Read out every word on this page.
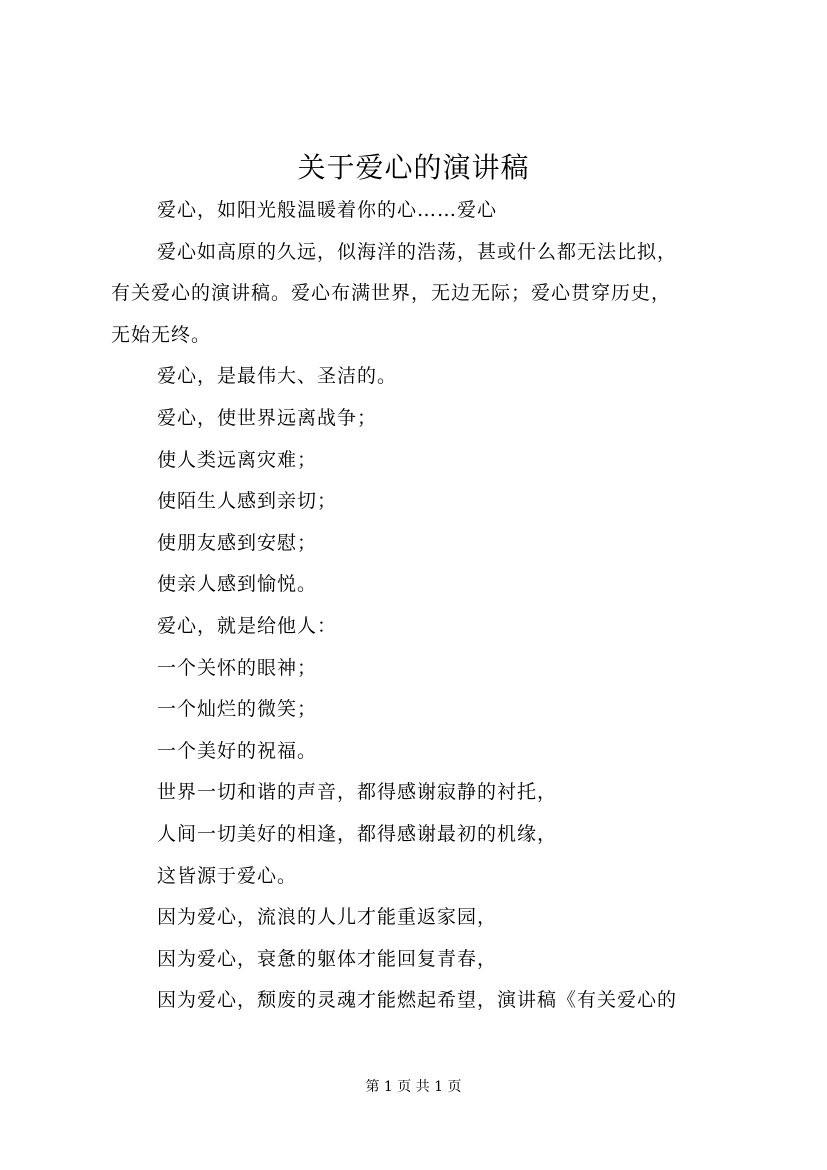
关于爱心的演讲稿
爱心，如阳光般温暖着你的心……爱心
爱心如高原的久远，似海洋的浩荡，甚或什么都无法比拟，
有关爱心的演讲稿。爱心布满世界，无边无际；爱心贯穿历史，
无始无终。
爱心，是最伟大、圣洁的。
爱心，使世界远离战争；
使人类远离灾难；
使陌生人感到亲切；
使朋友感到安慰；
使亲人感到愉悦。
爱心，就是给他人：
一个关怀的眼神；
一个灿烂的微笑；
一个美好的祝福。
世界一切和谐的声音，都得感谢寂静的衬托，
人间一切美好的相逢，都得感谢最初的机缘，
这皆源于爱心。
因为爱心，流浪的人儿才能重返家园，
因为爱心，衰惫的躯体才能回复青春，
因为爱心，颓废的灵魂才能燃起希望，演讲稿《有关爱心的
第 1 页 共 1 页
